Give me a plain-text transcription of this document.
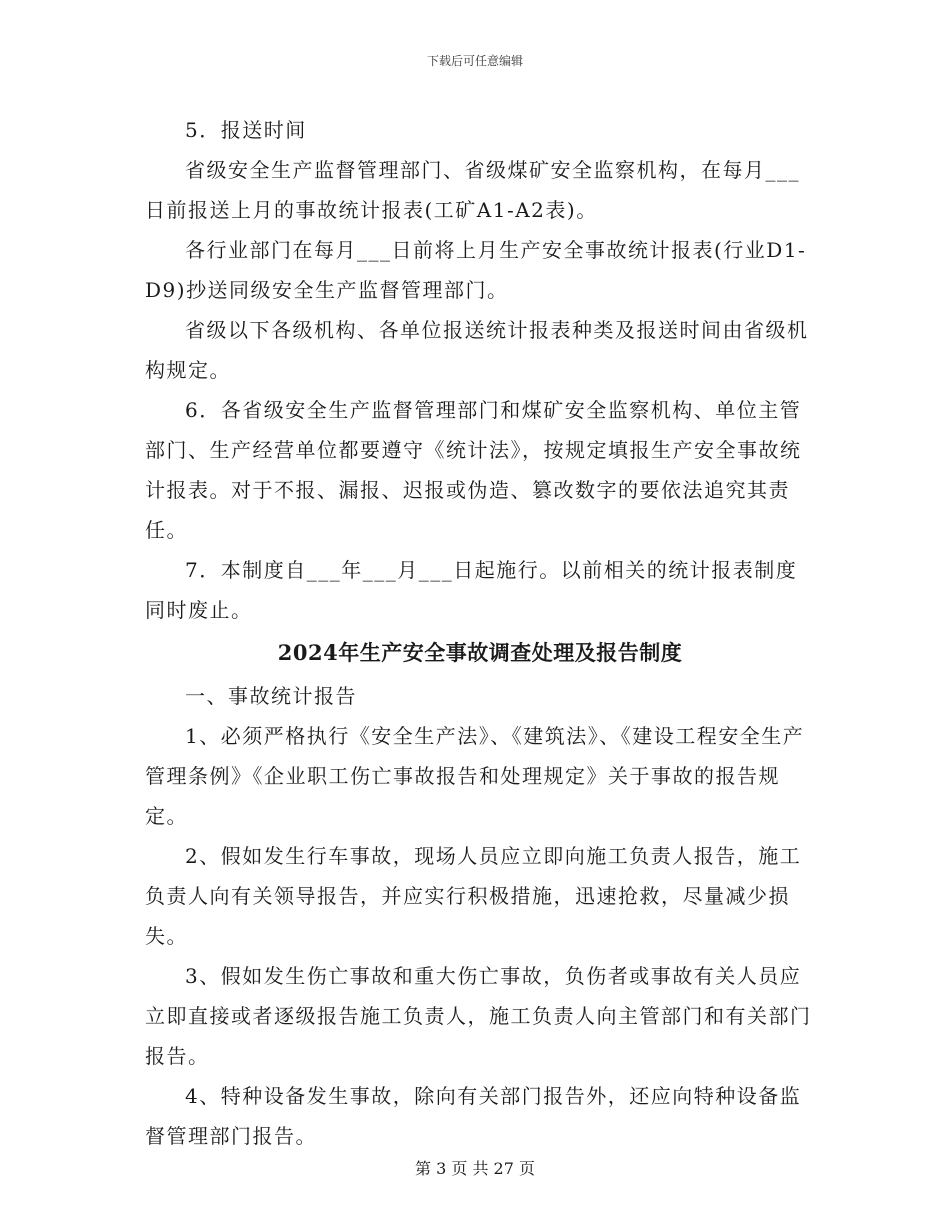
下载后可任意编辑

5．报送时间

省级安全生产监督管理部门、省级煤矿安全监察机构，在每月___日前报送上月的事故统计报表(工矿A1-A2表)。

各行业部门在每月___日前将上月生产安全事故统计报表(行业D1-D9)抄送同级安全生产监督管理部门。

省级以下各级机构、各单位报送统计报表种类及报送时间由省级机构规定。

6．各省级安全生产监督管理部门和煤矿安全监察机构、单位主管部门、生产经营单位都要遵守《统计法》，按规定填报生产安全事故统计报表。对于不报、漏报、迟报或伪造、篡改数字的要依法追究其责任。

7．本制度自___年___月___日起施行。以前相关的统计报表制度同时废止。

2024年生产安全事故调查处理及报告制度

一、事故统计报告

1、必须严格执行《安全生产法》、《建筑法》、《建设工程安全生产管理条例》《企业职工伤亡事故报告和处理规定》关于事故的报告规定。

2、假如发生行车事故，现场人员应立即向施工负责人报告，施工负责人向有关领导报告，并应实行积极措施，迅速抢救，尽量减少损失。

3、假如发生伤亡事故和重大伤亡事故，负伤者或事故有关人员应立即直接或者逐级报告施工负责人，施工负责人向主管部门和有关部门报告。

4、特种设备发生事故，除向有关部门报告外，还应向特种设备监督管理部门报告。

第 3 页 共 27 页
